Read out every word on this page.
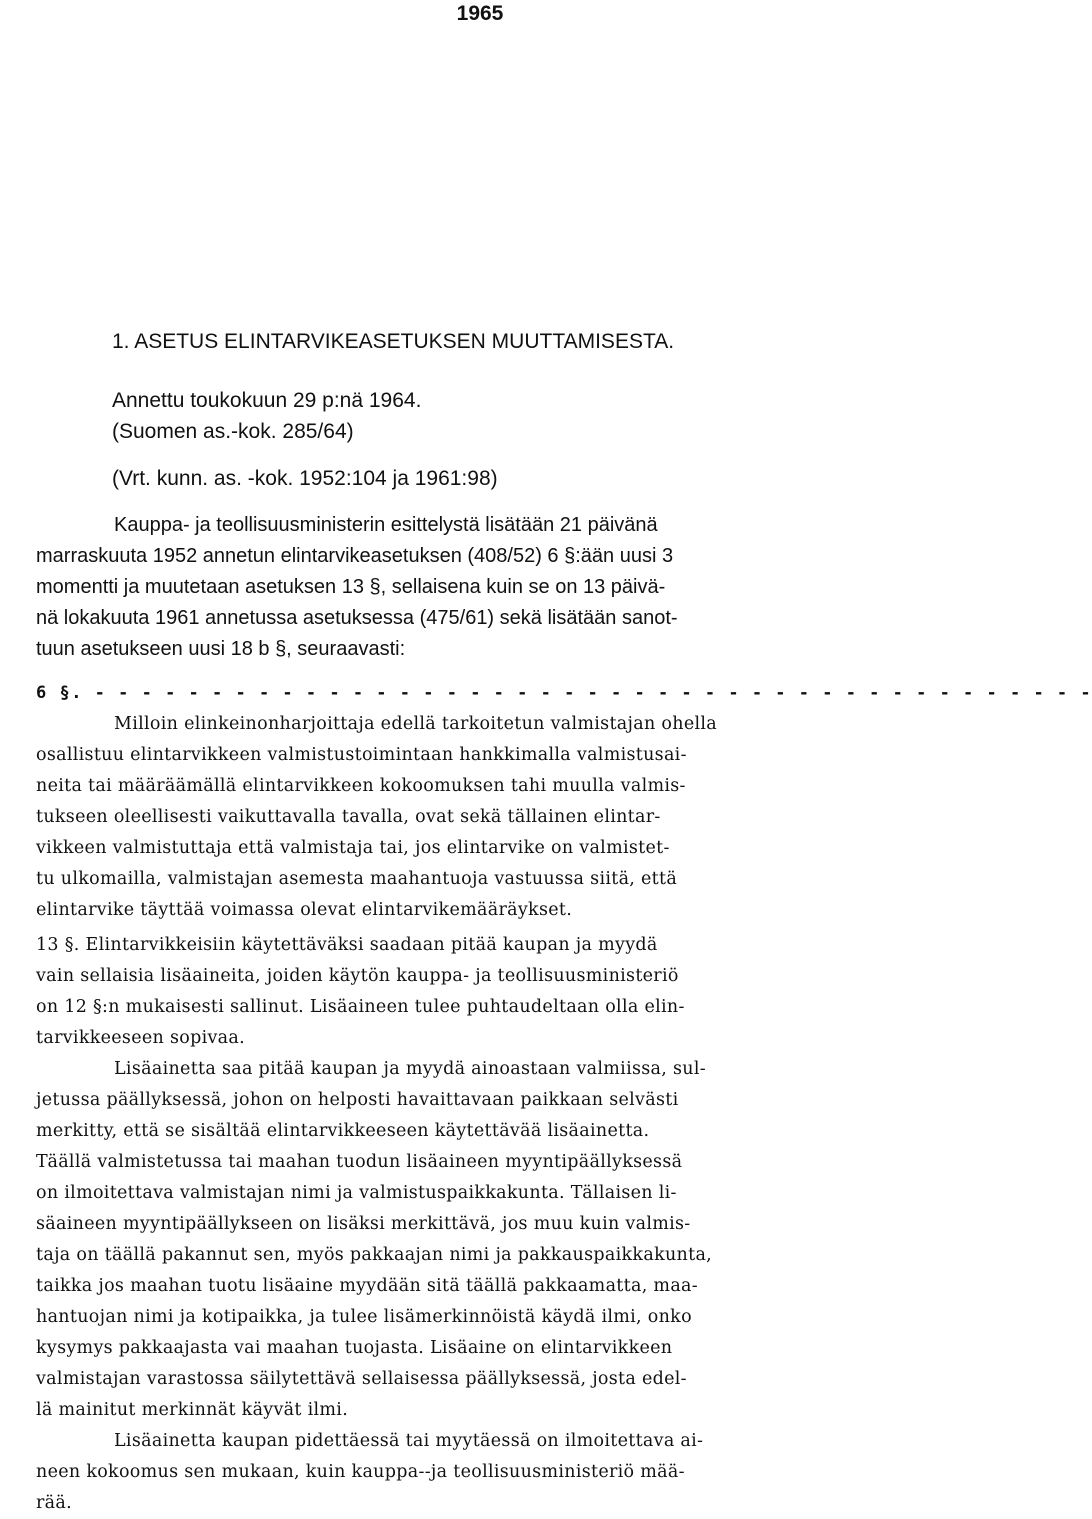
1965
1. ASETUS ELINTARVIKEASETUKSEN MUUTTAMISESTA.
Annettu toukokuun 29 p:nä 1964.
(Suomen as.-kok. 285/64)
(Vrt. kunn. as. -kok. 1952:104 ja 1961:98)
Kauppa- ja teollisuusministerin esittelystä lisätään 21 päivänä
marraskuuta 1952 annetun elintarvikeasetuksen (408/52) 6 §:ään uusi 3
momentti ja muutetaan asetuksen 13 §, sellaisena kuin se on 13 päivä-
nä lokakuuta 1961 annetussa asetuksessa (475/61) sekä lisätään sanot-
tuun asetukseen uusi 18 b §, seuraavasti:
6 §. - - - - - - - - - - - - - - - - - - - - - - - - - - - - - - - - - - - - - - - - - - -
Milloin elinkeinonharjoittaja edellä tarkoitetun valmistajan ohella
osallistuu elintarvikkeen valmistustoimintaan hankkimalla valmistusai-
neita tai määräämällä elintarvikkeen kokoomuksen tahi muulla valmis-
tukseen oleellisesti vaikuttavalla tavalla, ovat sekä tällainen elintar-
vikkeen valmistuttaja että valmistaja tai, jos elintarvike on valmistet-
tu ulkomailla, valmistajan asemesta maahantuoja vastuussa siitä, että
elintarvike täyttää voimassa olevat elintarvikemääräykset.
13 §. Elintarvikkeisiin käytettäväksi saadaan pitää kaupan ja myydä
vain sellaisia lisäaineita, joiden käytön kauppa- ja teollisuusministeriö
on 12 §:n mukaisesti sallinut. Lisäaineen tulee puhtaudeltaan olla elin-
tarvikkeeseen sopivaa.
Lisäainetta saa pitää kaupan ja myydä ainoastaan valmiissa, sul-
jetussa päällyksessä, johon on helposti havaittavaan paikkaan selvästi
merkitty, että se sisältää elintarvikkeeseen käytettävää lisäainetta.
Täällä valmistetussa tai maahan tuodun lisäaineen myyntipäällyksessä
on ilmoitettava valmistajan nimi ja valmistuspaikkakunta. Tällaisen li-
säaineen myyntipäällykseen on lisäksi merkittävä, jos muu kuin valmis-
taja on täällä pakannut sen, myös pakkaajan nimi ja pakkauspaikkakunta,
taikka jos maahan tuotu lisäaine myydään sitä täällä pakkaamatta, maa-
hantuojan nimi ja kotipaikka, ja tulee lisämerkinnöistä käydä ilmi, onko
kysymys pakkaajasta vai maahan tuojasta. Lisäaine on elintarvikkeen
valmistajan varastossa säilytettävä sellaisessa päällyksessä, josta edel-
lä mainitut merkinnät käyvät ilmi.
Lisäainetta kaupan pidettäessä tai myytäessä on ilmoitettava ai-
neen kokoomus sen mukaan, kuin kauppa--ja teollisuusministeriö mää-
rää.
